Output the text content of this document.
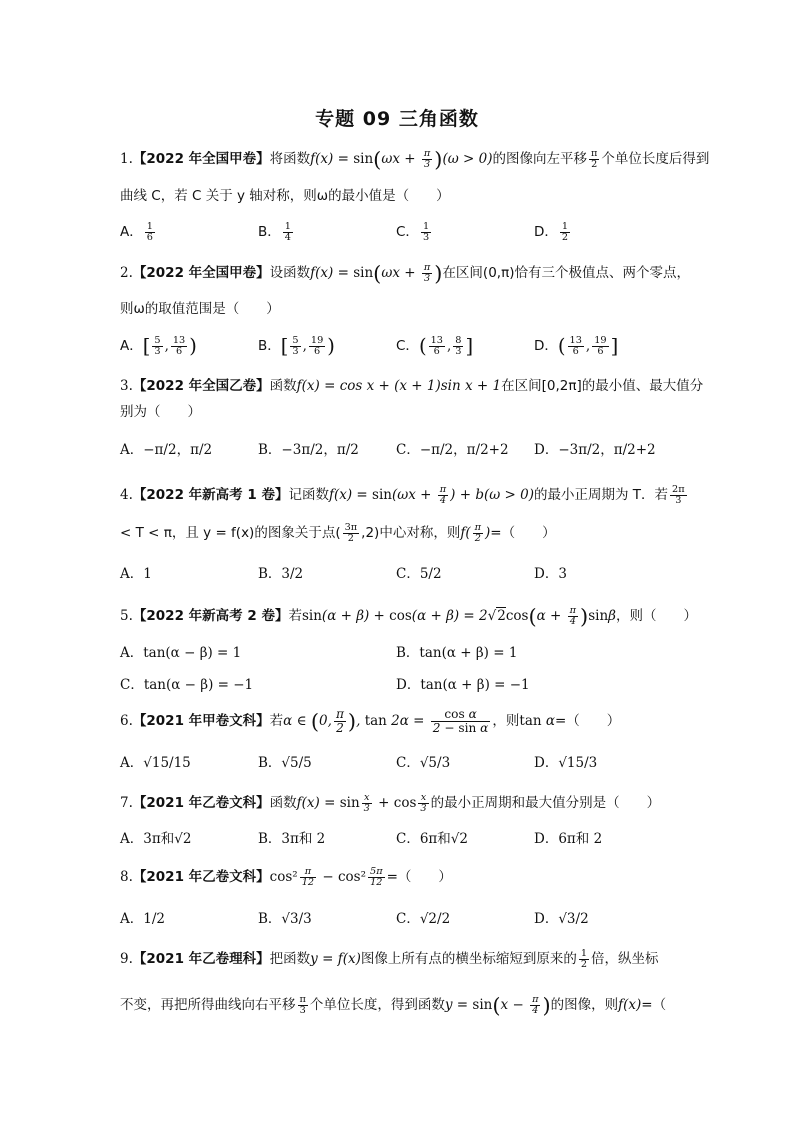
专题 09 三角函数
1.【2022 年全国甲卷】将函数$f(x) = \sin(\omega x + \frac{\pi}{3} )(\omega > 0)$的图像向左平移 $\frac{\pi}{2}$ 个单位长度后得到
曲线 C，若 C 关于 y 轴对称，则ω的最小值是（　　）
A． $\frac{1}{6}$	B． $\frac{1}{4}$	C． $\frac{1}{3}$	D． $\frac{1}{2}$
2.【2022 年全国甲卷】设函数$f(x) = \sin(\omega x + \frac{\pi}{3}$ )在区间(0,π)恰有三个极值点、两个零点，
则ω的取值范围是（　　）
A．[ $\frac{5}{3}$ , $\frac{13}{6}$ )	B．[ $\frac{5}{3}$ , $\frac{19}{6}$ )	C．( $\frac{13}{6}$ , $\frac{8}{3}$ ]	D．( $\frac{13}{6}$ , $\frac{19}{6}$ ]
3.【2022 年全国乙卷】函数f(x) = cos x + (x + 1)sin x + 1在区间[0,2π]的最小值、最大值分
别为（　　）
A．−π/2，π/2	B．−3π/2，π/2	C．−π/2，π/2+2 D．−3π/2，π/2+2
4.【2022 年新高考 1 卷】记函数$f(x) = \sin(\omega x + \frac{\pi}{4}$ ) + b(ω > 0)的最小正周期为 T．若 $\frac{2\pi}{3}$
< T < π，且 y = f(x)的图象关于点( $\frac{3\pi}{2} ,2$)中心对称，则$f( \frac{\pi}{2}$ )=（　　）
A．1	B．3/2	C．5/2	D．3
5.【2022 年新高考 2 卷】若$\sin(\alpha + \beta) + \cos(\alpha + \beta) = 2√2\cos(\alpha + \frac{\pi}{4} )\sin\beta$，则（　　）
A．tan(α − β) = 1	B．tan(α + β) = 1
C．tan(α − β) = −1	D．tan(α + β) = −1
6.【2021 年甲卷文科】若α ∈ (0, $\frac{\pi}{2}$ ), $\tan 2\alpha = \frac{\text{cos α}}{\text{2 − sin α}}$ ，则tan α=（　　）
A．√15/15	B．√5/5	C．√5/3	D．√15/3
7.【2021 年乙卷文科】函数$f(x) = \sin \frac{x}{3} + \cos \frac{x}{3}$ 的最小正周期和最大值分别是（　　）
A．3π和√2	B．3π和 2	C．6π和√2	D．6π和 2
8.【2021 年乙卷文科】$\cos^2 \frac{\pi}{12} - \cos^2 \frac{5\pi}{12}$ =（　　）
A．1/2	B．√3/3	C．√2/2	D．√3/2
9.【2021 年乙卷理科】把函数y = f(x)图像上所有点的横坐标缩短到原来的 $\frac{1}{2}$ 倍，纵坐标
不变，再把所得曲线向右平移 $\frac{\pi}{3}$ 个单位长度，得到函数$y = \sin(x - \frac{\pi}{4}$ )的图像，则f(x)=（
